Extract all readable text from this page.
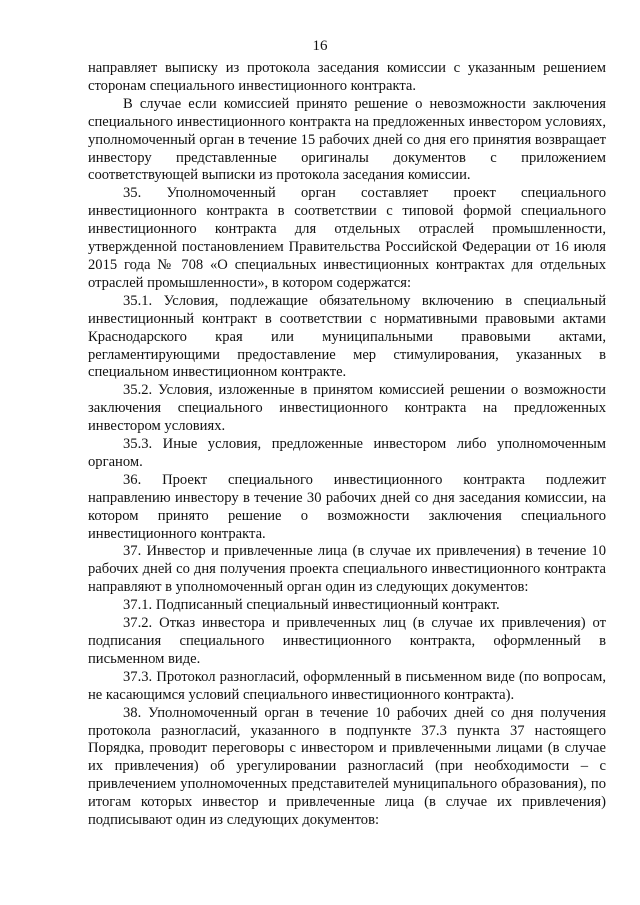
16

направляет выписку из протокола заседания комиссии с указанным решением сторонам специального инвестиционного контракта.

В случае если комиссией принято решение о невозможности заключения специального инвестиционного контракта на предложенных инвестором условиях, уполномоченный орган в течение 15 рабочих дней со дня его принятия возвращает инвестору представленные оригиналы документов с приложением соответствующей выписки из протокола заседания комиссии.

35. Уполномоченный орган составляет проект специального инвестиционного контракта в соответствии с типовой формой специального инвестиционного контракта для отдельных отраслей промышленности, утвержденной постановлением Правительства Российской Федерации от 16 июля 2015 года № 708 «О специальных инвестиционных контрактах для отдельных отраслей промышленности», в котором содержатся:

35.1. Условия, подлежащие обязательному включению в специальный инвестиционный контракт в соответствии с нормативными правовыми актами Краснодарского края или муниципальными правовыми актами, регламентирующими предоставление мер стимулирования, указанных в специальном инвестиционном контракте.

35.2. Условия, изложенные в принятом комиссией решении о возможности заключения специального инвестиционного контракта на предложенных инвестором условиях.

35.3. Иные условия, предложенные инвестором либо уполномоченным органом.

36. Проект специального инвестиционного контракта подлежит направлению инвестору в течение 30 рабочих дней со дня заседания комиссии, на котором принято решение о возможности заключения специального инвестиционного контракта.

37. Инвестор и привлеченные лица (в случае их привлечения) в течение 10 рабочих дней со дня получения проекта специального инвестиционного контракта направляют в уполномоченный орган один из следующих документов:

37.1. Подписанный специальный инвестиционный контракт.

37.2. Отказ инвестора и привлеченных лиц (в случае их привлечения) от подписания специального инвестиционного контракта, оформленный в письменном виде.

37.3. Протокол разногласий, оформленный в письменном виде (по вопросам, не касающимся условий специального инвестиционного контракта).

38. Уполномоченный орган в течение 10 рабочих дней со дня получения протокола разногласий, указанного в подпункте 37.3 пункта 37 настоящего Порядка, проводит переговоры с инвестором и привлеченными лицами (в случае их привлечения) об урегулировании разногласий (при необходимости – с привлечением уполномоченных представителей муниципального образования), по итогам которых инвестор и привлеченные лица (в случае их привлечения) подписывают один из следующих документов:
